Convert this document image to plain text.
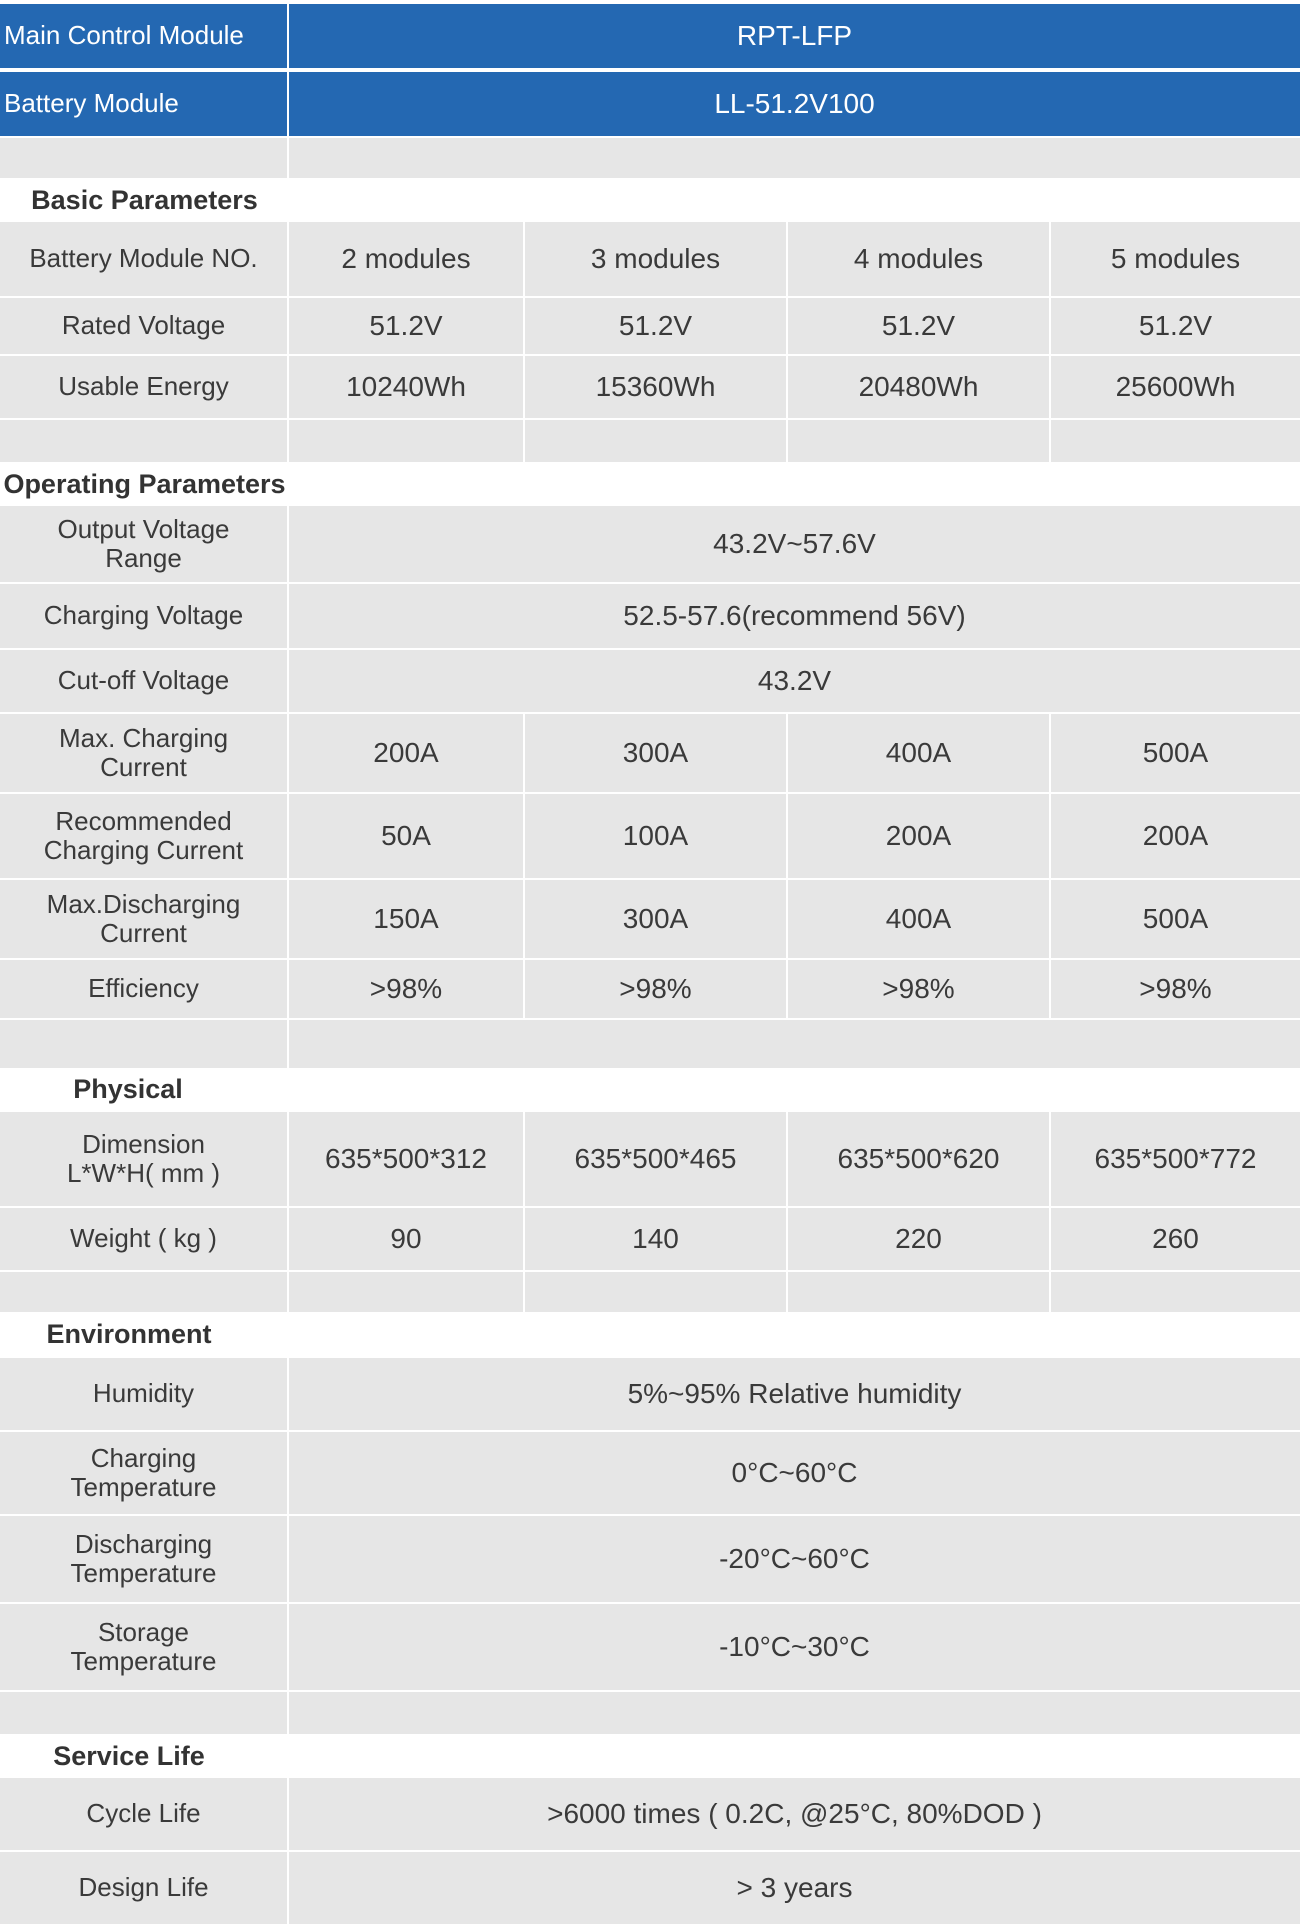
Main Control Module	RPT-LFP
Battery Module	LL-51.2V100
Basic Parameters
Battery Module NO.	2 modules	3 modules	4 modules	5 modules
Rated Voltage	51.2V	51.2V	51.2V	51.2V
Usable Energy	10240Wh	15360Wh	20480Wh	25600Wh
Operating Parameters
Output Voltage
Range	43.2V~57.6V
Charging Voltage	52.5-57.6(recommend 56V)
Cut-off Voltage	43.2V
Max. Charging
Current	200A	300A	400A	500A
Recommended
Charging Current	50A	100A	200A	200A
Max.Discharging
Current	150A	300A	400A	500A
Efficiency	>98%	>98%	>98%	>98%
Physical
Dimension
L*W*H( mm )	635*500*312	635*500*465	635*500*620	635*500*772
Weight ( kg )	90	140	220	260
Environment
Humidity	5%~95% Relative humidity
Charging
Temperature	0°C~60°C
Discharging
Temperature	-20°C~60°C
Storage
Temperature	-10°C~30°C
Service Life
Cycle Life	>6000 times ( 0.2C, @25°C, 80%DOD )
Design Life	> 3 years
